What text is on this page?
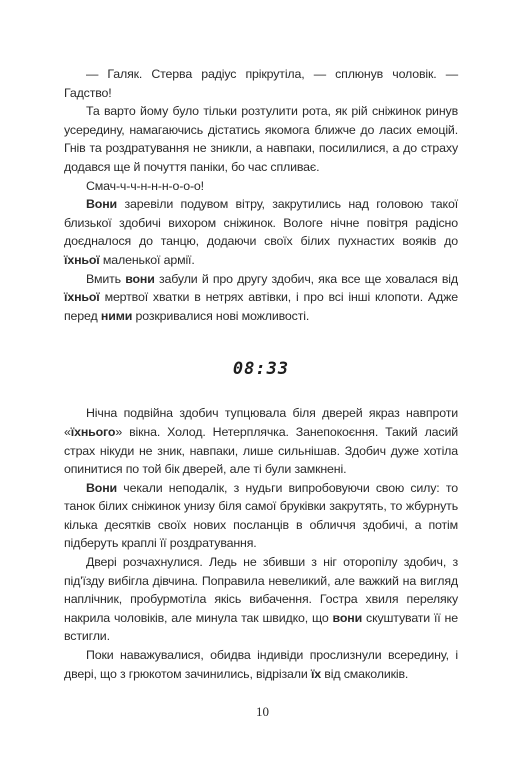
— Галяк. Стерва радіус прікрутіла, — сплюнув чоловік. — Гадство!

Та варто йому було тільки розтулити рота, як рій сніжинок ринув усередину, намагаючись дістатись якомога ближче до ласих емоцій. Гнів та роздратування не зникли, а навпаки, посилилися, а до страху додався ще й почуття паніки, бо час спливає.

Смач-ч-ч-н-н-н-о-о-о!

Вони заревіли подувом вітру, закрутились над головою такої близької здобичі вихором сніжинок. Вологе нічне повітря радісно доєдналося до танцю, додаючи своїх білих пухнастих вояків до їхньої маленької армії.

Вмить вони забули й про другу здобич, яка все ще ховалася від їхньої мертвої хватки в нетрях автівки, і про всі інші клопоти. Адже перед ними розкривалися нові можливості.

08:33

Нічна подвійна здобич тупцювала біля дверей якраз навпроти «їхнього» вікна. Холод. Нетерплячка. Занепокоєння. Такий ласий страх нікуди не зник, навпаки, лише сильнішав. Здобич дуже хотіла опинитися по той бік дверей, але ті були замкнені.

Вони чекали неподалік, з нудьги випробовуючи свою силу: то танок білих сніжинок унизу біля самої бруківки закрутять, то жбурнуть кілька десятків своїх нових посланців в обличчя здобичі, а потім підберуть краплі її роздратування.

Двері розчахнулися. Ледь не збивши з ніг оторопілу здобич, з під'їзду вибігла дівчина. Поправила невеликий, але важкий на вигляд наплічник, пробурмотіла якісь вибачення. Гостра хвиля переляку накрила чоловіків, але минула так швидко, що вони скуштувати її не встигли.

Поки наважувалися, обидва індивіди прослизнули всередину, і двері, що з грюкотом зачинились, відрізали їх від смаколиків.

10
